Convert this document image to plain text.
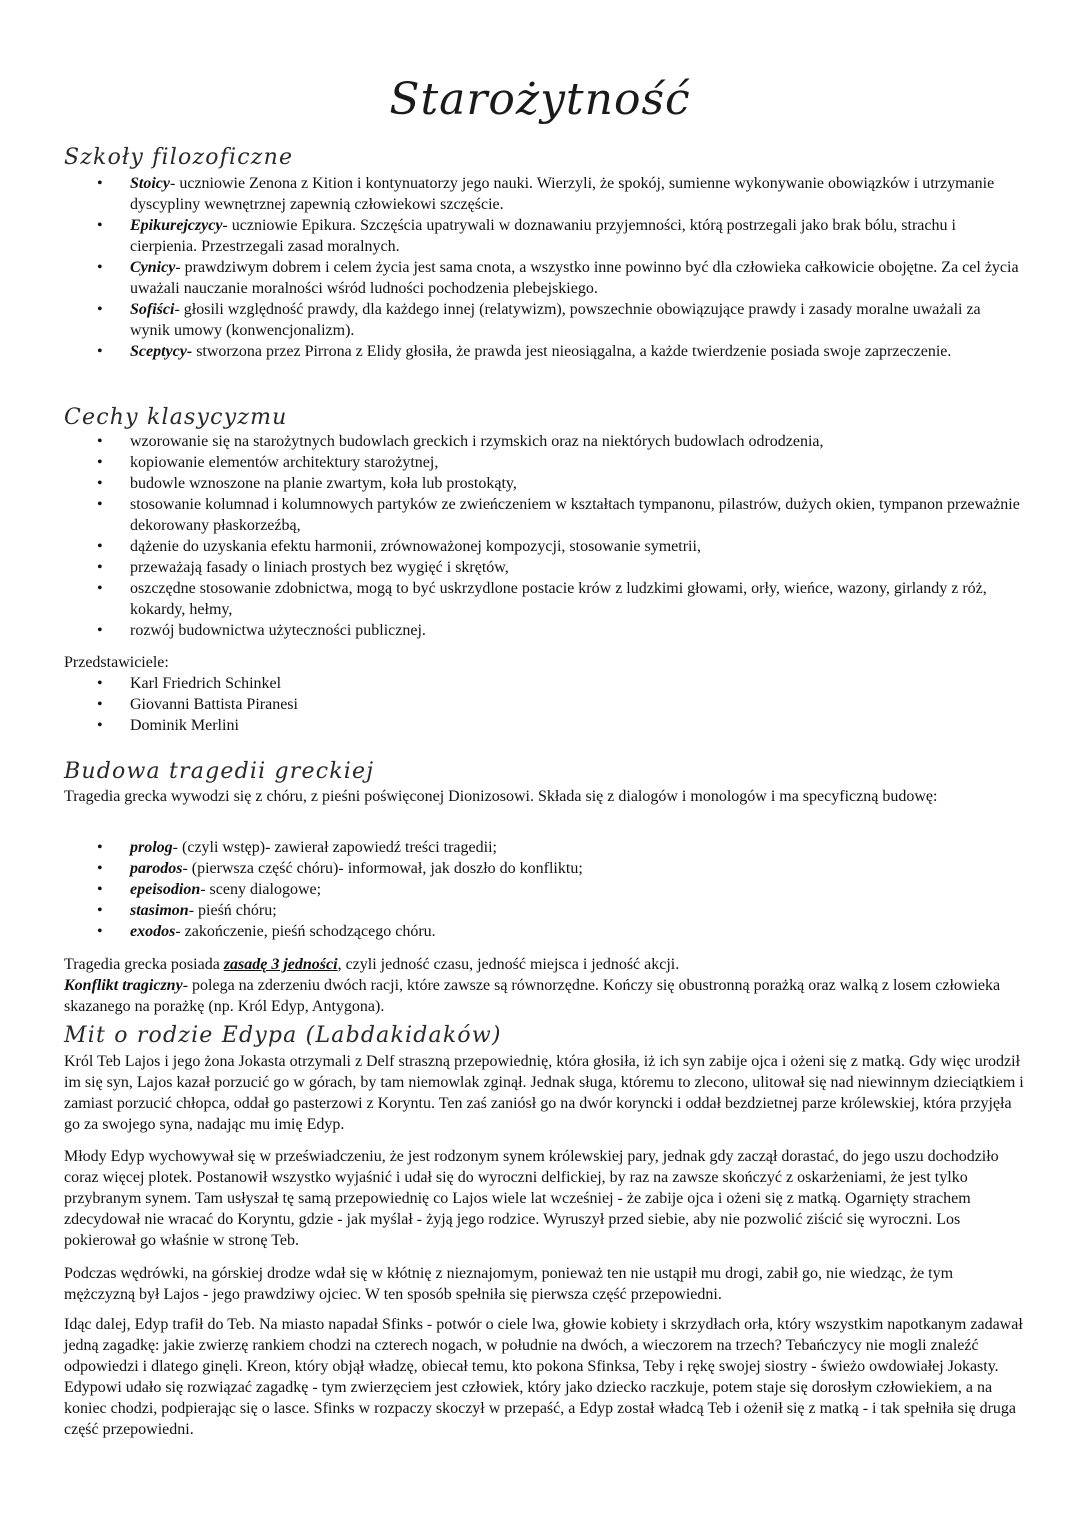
Starożytność
Szkoły filozoficzne
• Stoicy- uczniowie Zenona z Kition i kontynuatorzy jego nauki. Wierzyli, że spokój, sumienne wykonywanie obowiązków i utrzymanie dyscypliny wewnętrznej zapewnią człowiekowi szczęście.
• Epikurejczycy- uczniowie Epikura. Szczęścia upatrywali w doznawaniu przyjemności, którą postrzegali jako brak bólu, strachu i cierpienia. Przestrzegali zasad moralnych.
• Cynicy- prawdziwym dobrem i celem życia jest sama cnota, a wszystko inne powinno być dla człowieka całkowicie obojętne. Za cel życia uważali nauczanie moralności wśród ludności pochodzenia plebejskiego.
• Sofiści- głosili względność prawdy, dla każdego innej (relatywizm), powszechnie obowiązujące prawdy i zasady moralne uważali za wynik umowy (konwencjonalizm).
• Sceptycy- stworzona przez Pirrona z Elidy głosiła, że prawda jest nieosiągalna, a każde twierdzenie posiada swoje zaprzeczenie.
Cechy klasycyzmu
• wzorowanie się na starożytnych budowlach greckich i rzymskich oraz na niektórych budowlach odrodzenia,
• kopiowanie elementów architektury starożytnej,
• budowle wznoszone na planie zwartym, koła lub prostokąty,
• stosowanie kolumnad i kolumnowych partyków ze zwieńczeniem w kształtach tympanonu, pilastrów, dużych okien, tympanon przeważnie dekorowany płaskorzeźbą,
• dążenie do uzyskania efektu harmonii, zrównoważonej kompozycji, stosowanie symetrii,
• przeważają fasady o liniach prostych bez wygięć i skrętów,
• oszczędne stosowanie zdobnictwa, mogą to być uskrzydlone postacie krów z ludzkimi głowami, orły, wieńce, wazony, girlandy z róż, kokardy, hełmy,
• rozwój budownictwa użyteczności publicznej.
Przedstawiciele:
• Karl Friedrich Schinkel
• Giovanni Battista Piranesi
• Dominik Merlini
Budowa tragedii greckiej
Tragedia grecka wywodzi się z chóru, z pieśni poświęconej Dionizosowi. Składa się z dialogów i monologów i ma specyficzną budowę:
• prolog- (czyli wstęp)- zawierał zapowiedź treści tragedii;
• parodos- (pierwsza część chóru)- informował, jak doszło do konfliktu;
• epeisodion- sceny dialogowe;
• stasimon- pieśń chóru;
• exodos- zakończenie, pieśń schodzącego chóru.
Tragedia grecka posiada zasadę 3 jedności, czyli jedność czasu, jedność miejsca i jedność akcji.
Konflikt tragiczny- polega na zderzeniu dwóch racji, które zawsze są równorzędne. Kończy się obustronną porażką oraz walką z losem człowieka skazanego na porażkę (np. Król Edyp, Antygona).
Mit o rodzie Edypa (Labdakidaków)
Król Teb Lajos i jego żona Jokasta otrzymali z Delf straszną przepowiednię, która głosiła, iż ich syn zabije ojca i ożeni się z matką. Gdy więc urodził im się syn, Lajos kazał porzucić go w górach, by tam niemowlak zginął. Jednak sługa, któremu to zlecono, ulitował się nad niewinnym dzieciątkiem i zamiast porzucić chłopca, oddał go pasterzowi z Koryntu. Ten zaś zaniósł go na dwór koryncki i oddał bezdzietnej parze królewskiej, która przyjęła go za swojego syna, nadając mu imię Edyp.
Młody Edyp wychowywał się w przeświadczeniu, że jest rodzonym synem królewskiej pary, jednak gdy zaczął dorastać, do jego uszu dochodziło coraz więcej plotek. Postanowił wszystko wyjaśnić i udał się do wyroczni delfickiej, by raz na zawsze skończyć z oskarżeniami, że jest tylko przybranym synem. Tam usłyszał tę samą przepowiednię co Lajos wiele lat wcześniej - że zabije ojca i ożeni się z matką. Ogarnięty strachem zdecydował nie wracać do Koryntu, gdzie - jak myślał - żyją jego rodzice. Wyruszył przed siebie, aby nie pozwolić ziścić się wyroczni. Los pokierował go właśnie w stronę Teb.
Podczas wędrówki, na górskiej drodze wdał się w kłótnię z nieznajomym, ponieważ ten nie ustąpił mu drogi, zabił go, nie wiedząc, że tym mężczyzną był Lajos - jego prawdziwy ojciec. W ten sposób spełniła się pierwsza część przepowiedni.
Idąc dalej, Edyp trafił do Teb. Na miasto napadał Sfinks - potwór o ciele lwa, głowie kobiety i skrzydłach orła, który wszystkim napotkanym zadawał jedną zagadkę: jakie zwierzę rankiem chodzi na czterech nogach, w południe na dwóch, a wieczorem na trzech? Tebańczycy nie mogli znaleźć odpowiedzi i dlatego ginęli. Kreon, który objął władzę, obiecał temu, kto pokona Sfinksa, Teby i rękę swojej siostry - świeżo owdowiałej Jokasty. Edypowi udało się rozwiązać zagadkę - tym zwierzęciem jest człowiek, który jako dziecko raczkuje, potem staje się dorosłym człowiekiem, a na koniec chodzi, podpierając się o lasce. Sfinks w rozpaczy skoczył w przepaść, a Edyp został władcą Teb i ożenił się z matką - i tak spełniła się druga część przepowiedni.
